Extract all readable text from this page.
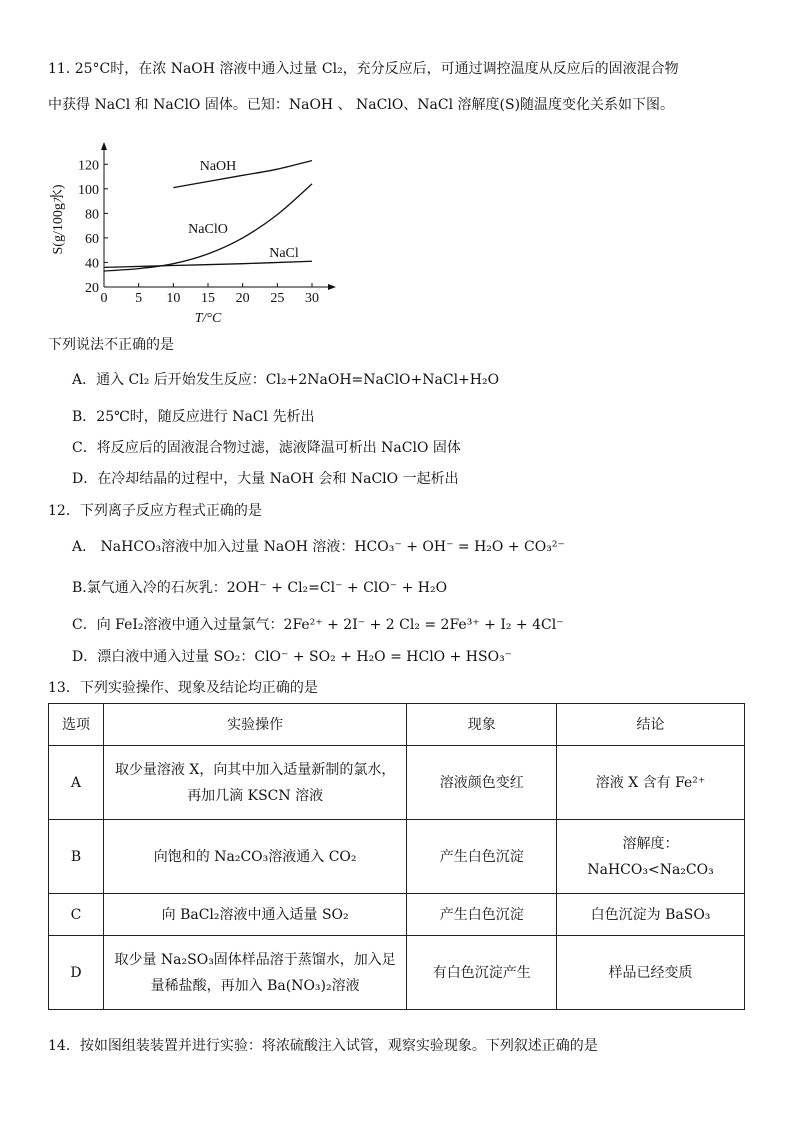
11. 25°C时，在浓 NaOH 溶液中通入过量 Cl₂，充分反应后，可通过调控温度从反应后的固液混合物
中获得 NaCl 和 NaClO 固体。已知：NaOH 、 NaClO、NaCl 溶解度(S)随温度变化关系如下图。
0 5 10 15 20 25 30
20
40
60
80
100
120	NaOH
NaClO
NaCl
T/°C
S(g/100g水)
下列说法不正确的是
A．通入 Cl₂ 后开始发生反应：Cl₂+2NaOH=NaClO+NaCl+H₂O
B．25℃时，随反应进行 NaCl 先析出
C．将反应后的固液混合物过滤，滤液降温可析出 NaClO 固体
D．在冷却结晶的过程中，大量 NaOH 会和 NaClO 一起析出
12．下列离子反应方程式正确的是
A． NaHCO₃溶液中加入过量 NaOH 溶液：HCO₃⁻ + OH⁻ = H₂O + CO₃²⁻
B.氯气通入冷的石灰乳：2OH⁻ + Cl₂=Cl⁻ + ClO⁻ + H₂O
C．向 FeI₂溶液中通入过量氯气：2Fe²⁺ + 2I⁻ + 2 Cl₂ = 2Fe³⁺ + I₂ + 4Cl⁻
D．漂白液中通入过量 SO₂：ClO⁻ + SO₂ + H₂O = HClO + HSO₃⁻
13．下列实验操作、现象及结论均正确的是
选项	实验操作	现象	结论
A	取少量溶液 X，向其中加入适量新制的氯水，再加几滴 KSCN 溶液	溶液颜色变红	溶液 X 含有 Fe²⁺
B	向饱和的 Na₂CO₃溶液通入 CO₂	产生白色沉淀	溶解度：NaHCO₃<Na₂CO₃
C	向 BaCl₂溶液中通入适量 SO₂	产生白色沉淀	白色沉淀为 BaSO₃
D	取少量 Na₂SO₃固体样品溶于蒸馏水，加入足量稀盐酸，再加入 Ba(NO₃)₂溶液	有白色沉淀产生	样品已经变质
14．按如图组装装置并进行实验：将浓硫酸注入试管，观察实验现象。下列叙述正确的是
